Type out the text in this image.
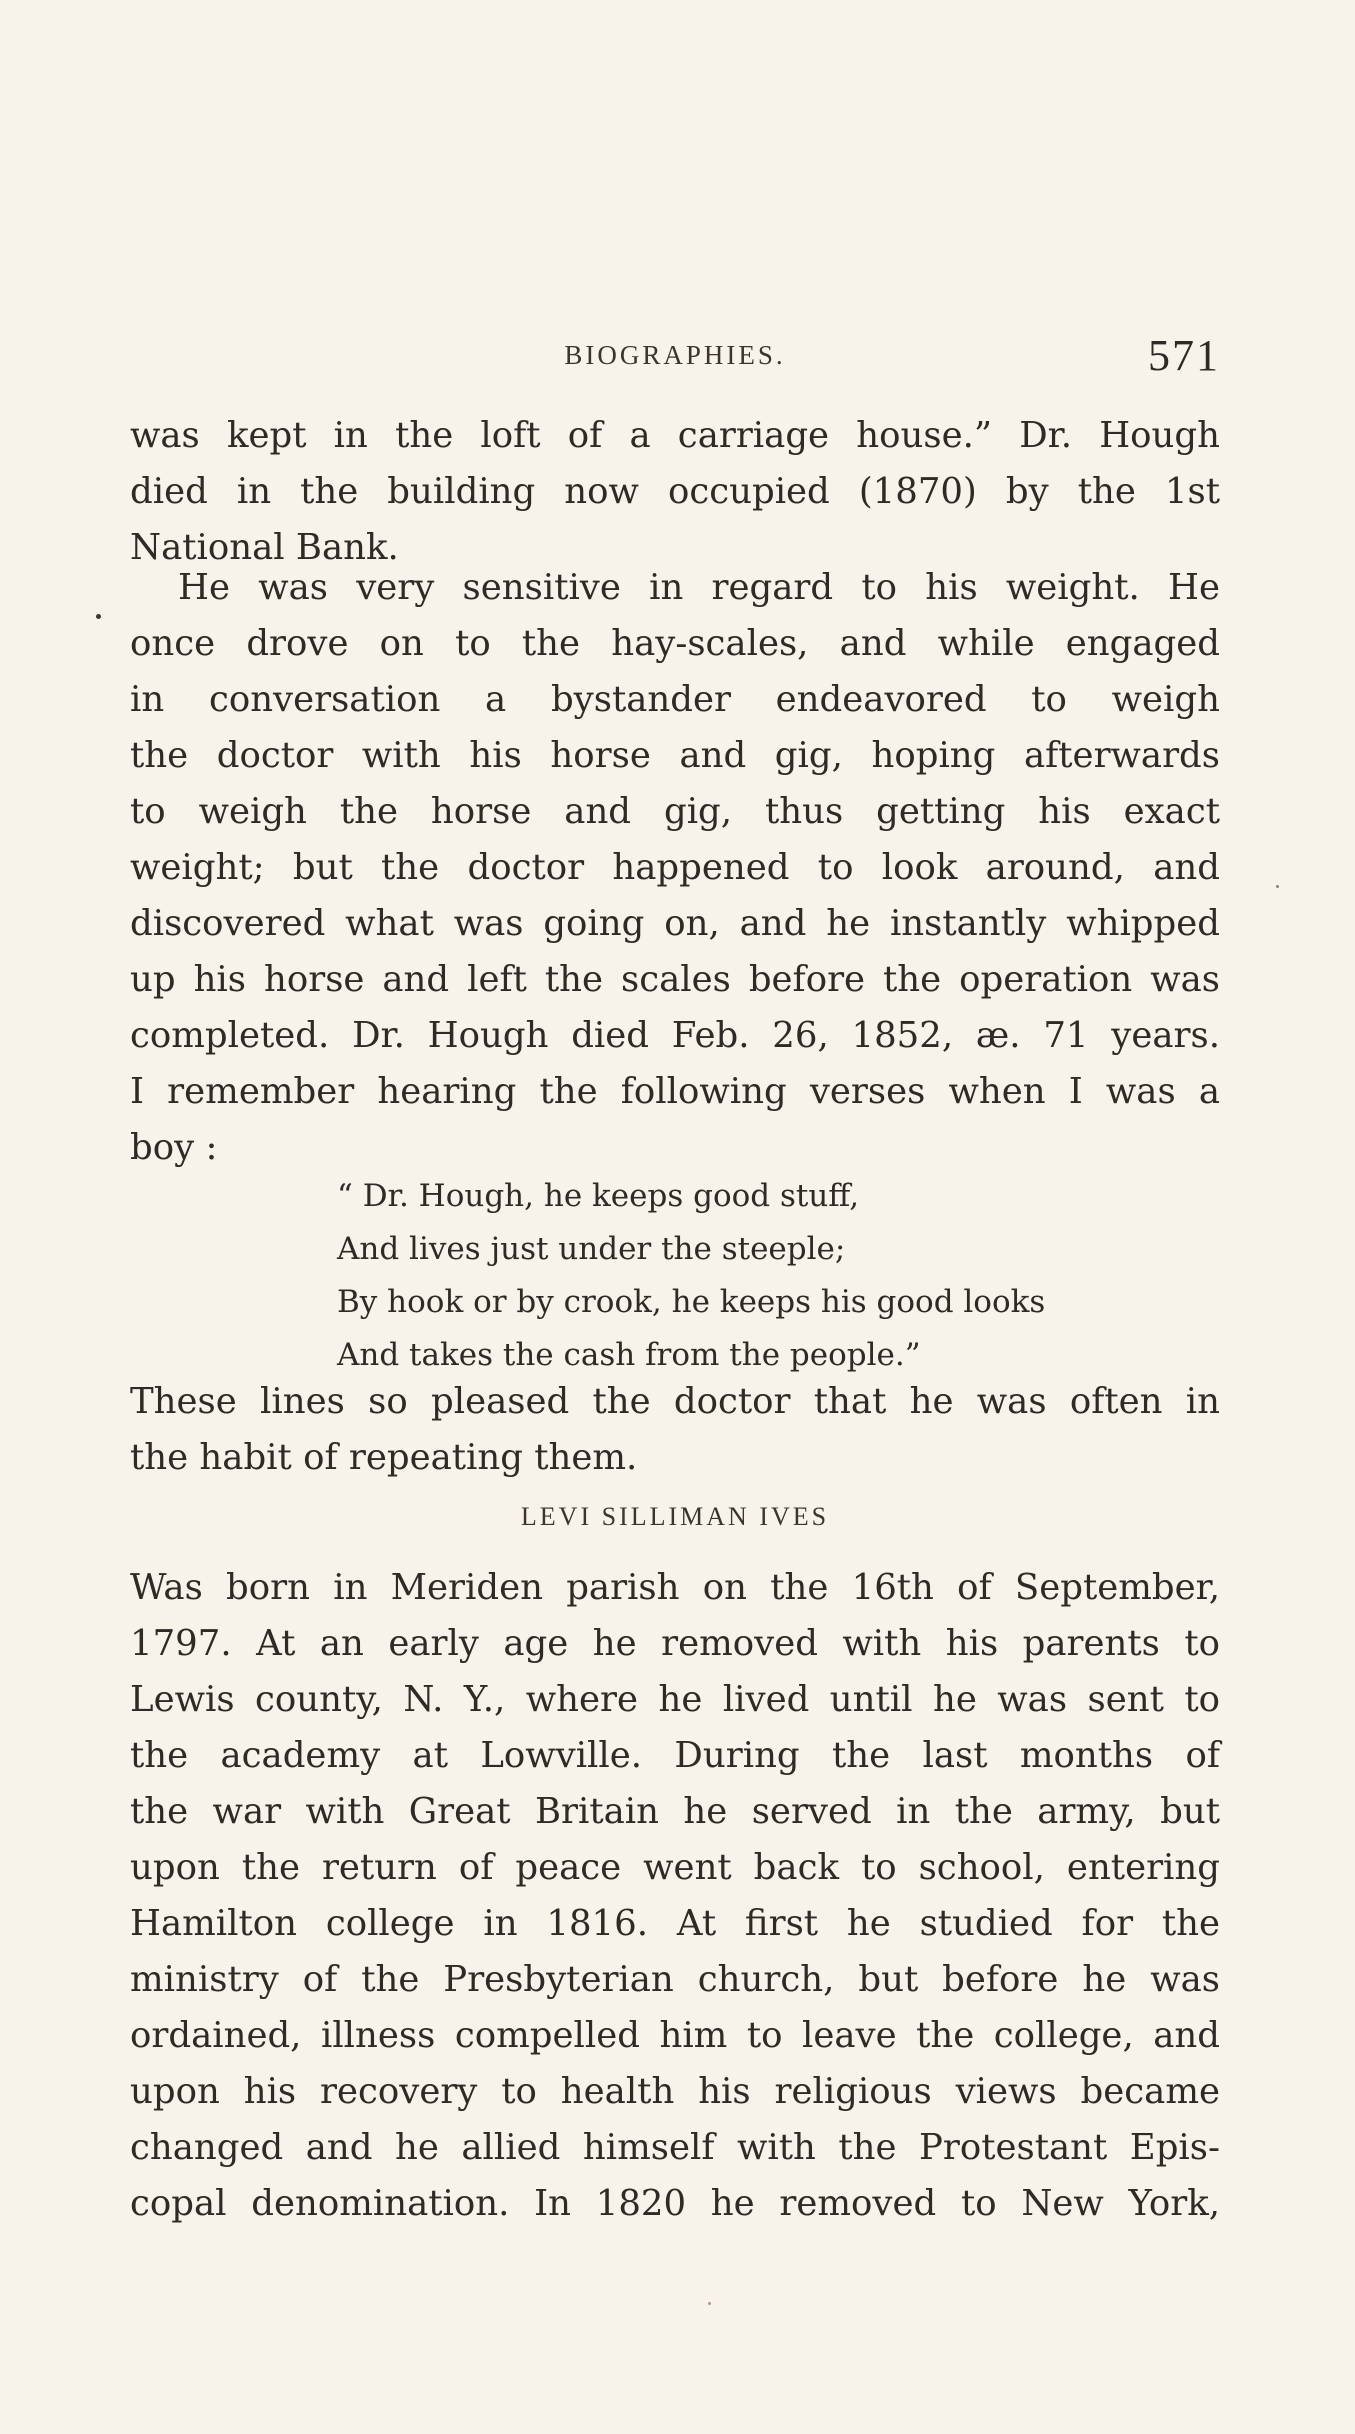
BIOGRAPHIES.	571

was kept in the loft of a carriage house.” Dr. Hough

died in the building now occupied (1870) by the 1st

National Bank.

He was very sensitive in regard to his weight. He

once drove on to the hay-scales, and while engaged

in conversation a bystander endeavored to weigh

the doctor with his horse and gig, hoping afterwards

to weigh the horse and gig, thus getting his exact

weight; but the doctor happened to look around, and

discovered what was going on, and he instantly whipped

up his horse and left the scales before the operation was

completed. Dr. Hough died Feb. 26, 1852, æ. 71 years.

I remember hearing the following verses when I was a

boy :

“ Dr. Hough, he keeps good stuff,
And lives just under the steeple;
By hook or by crook, he keeps his good looks
And takes the cash from the people.”

These lines so pleased the doctor that he was often in

the habit of repeating them.

LEVI SILLIMAN IVES

Was born in Meriden parish on the 16th of September,

1797. At an early age he removed with his parents to

Lewis county, N. Y., where he lived until he was sent to

the academy at Lowville. During the last months of

the war with Great Britain he served in the army, but

upon the return of peace went back to school, entering

Hamilton college in 1816. At first he studied for the

ministry of the Presbyterian church, but before he was

ordained, illness compelled him to leave the college, and

upon his recovery to health his religious views became

changed and he allied himself with the Protestant Epis-

copal denomination. In 1820 he removed to New York,
